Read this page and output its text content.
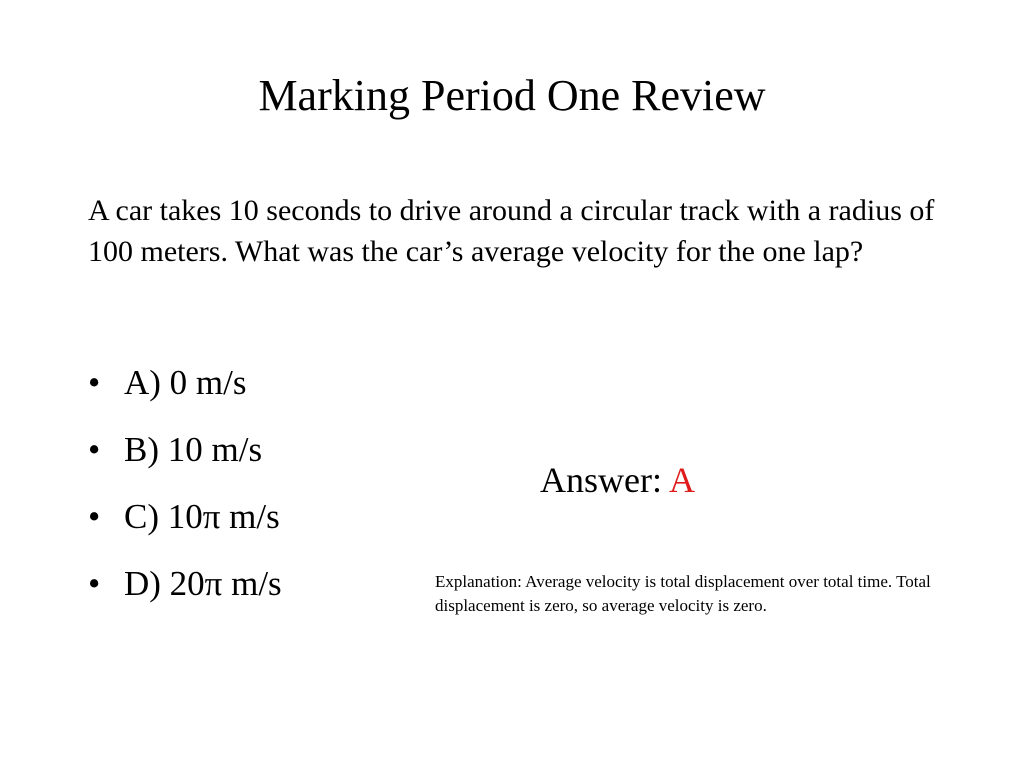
Marking Period One Review
A car takes 10 seconds to drive around a circular track with a radius of 100 meters. What was the car’s average velocity for the one lap?
• A) 0 m/s
• B) 10 m/s
• C) 10π m/s
• D) 20π m/s
Answer: A
Explanation: Average velocity is total displacement over total time. Total displacement is zero, so average velocity is zero.
